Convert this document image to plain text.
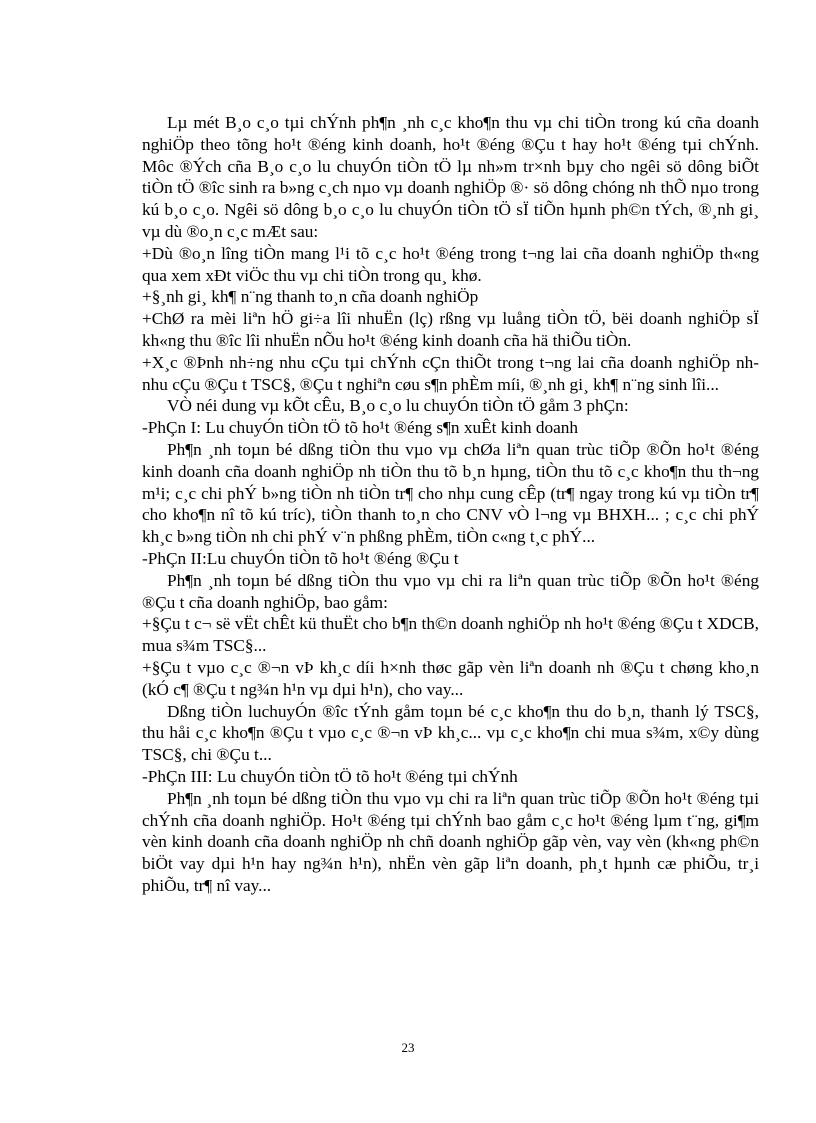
Lµ mét B¸o c¸o tµi chÝnh ph¶n ¸nh c¸c kho¶n thu vµ chi tiÒn trong kú cña doanh nghiÖp theo tõng ho¹t ®éng kinh doanh, ho¹t ®éng ®Çu t hay ho¹t ®éng tµi chÝnh. Môc ®Ých cña B¸o c¸o lu chuyÓn tiÒn tÖ lµ nh»m tr×nh bµy cho ngêi sö dông biÕt tiÒn tÖ ®îc sinh ra b»ng c¸ch nµo vµ doanh nghiÖp ®· sö dông chóng nh thÕ nµo trong kú b¸o c¸o. Ngêi sö dông b¸o c¸o lu chuyÓn tiÒn tÖ sÏ tiÕn hµnh ph©n tÝch, ®¸nh gi¸ vµ dù ®o¸n c¸c mÆt sau:

+Dù ®o¸n lîng tiÒn mang l¹i tõ c¸c ho¹t ®éng trong t¬ng lai cña doanh nghiÖp th«ng qua xem xÐt viÖc thu vµ chi tiÒn trong qu¸ khø.

+§¸nh gi¸ kh¶ n¨ng thanh to¸n cña doanh nghiÖp

+ChØ ra mèi liªn hÖ gi÷a lîi nhuËn (lç) rßng vµ luång tiÒn tÖ, bëi doanh nghiÖp sÏ kh«ng thu ®îc lîi nhuËn nÕu ho¹t ®éng kinh doanh cña hä thiÕu tiÒn.

+X¸c ®Þnh nh÷ng nhu cÇu tµi chÝnh cÇn thiÕt trong t¬ng lai cña doanh nghiÖp nh nhu cÇu ®Çu t TSC§, ®Çu t nghiªn cøu s¶n phÈm míi, ®¸nh gi¸ kh¶ n¨ng sinh lîi...

VÒ néi dung vµ kÕt cÊu, B¸o c¸o lu chuyÓn tiÒn tÖ gåm 3 phÇn:

-PhÇn I: Lu chuyÓn tiÒn tÖ tõ ho¹t ®éng s¶n xuÊt kinh doanh

Ph¶n ¸nh toµn bé dßng tiÒn thu vµo vµ chØa liªn quan trùc tiÕp ®Õn ho¹t ®éng kinh doanh cña doanh nghiÖp nh tiÒn thu tõ b¸n hµng, tiÒn thu tõ c¸c kho¶n thu th¬ng m¹i; c¸c chi phÝ b»ng tiÒn nh tiÒn tr¶ cho nhµ cung cÊp (tr¶ ngay trong kú vµ tiÒn tr¶ cho kho¶n nî tõ kú tríc), tiÒn thanh to¸n cho CNV vÒ l¬ng vµ BHXH... ; c¸c chi phÝ kh¸c b»ng tiÒn nh chi phÝ v¨n phßng phÈm, tiÒn c«ng t¸c phÝ...

-PhÇn II:Lu chuyÓn tiÒn tõ ho¹t ®éng ®Çu t

Ph¶n ¸nh toµn bé dßng tiÒn thu vµo vµ chi ra liªn quan trùc tiÕp ®Õn ho¹t ®éng ®Çu t cña doanh nghiÖp, bao gåm:

+§Çu t c¬ së vËt chÊt kü thuËt cho b¶n th©n doanh nghiÖp nh ho¹t ®éng ®Çu t XDCB, mua s¾m TSC§...

+§Çu t vµo c¸c ®¬n vÞ kh¸c díi h×nh thøc gãp vèn liªn doanh nh ®Çu t chøng kho¸n (kÓ c¶ ®Çu t ng¾n h¹n vµ dµi h¹n), cho vay...

Dßng tiÒn luchuyÓn ®îc tÝnh gåm toµn bé c¸c kho¶n thu do b¸n, thanh lý TSC§, thu håi c¸c kho¶n ®Çu t vµo c¸c ®¬n vÞ kh¸c... vµ c¸c kho¶n chi mua s¾m, x©y dùng TSC§, chi ®Çu t...

-PhÇn III: Lu chuyÓn tiÒn tÖ tõ ho¹t ®éng tµi chÝnh

Ph¶n ¸nh toµn bé dßng tiÒn thu vµo vµ chi ra liªn quan trùc tiÕp ®Õn ho¹t ®éng tµi chÝnh cña doanh nghiÖp. Ho¹t ®éng tµi chÝnh bao gåm c¸c ho¹t ®éng lµm t¨ng, gi¶m vèn kinh doanh cña doanh nghiÖp nh chñ doanh nghiÖp gãp vèn, vay vèn (kh«ng ph©n biÖt vay dµi h¹n hay ng¾n h¹n), nhËn vèn gãp liªn doanh, ph¸t hµnh cæ phiÕu, tr¸i phiÕu, tr¶ nî vay...

23
